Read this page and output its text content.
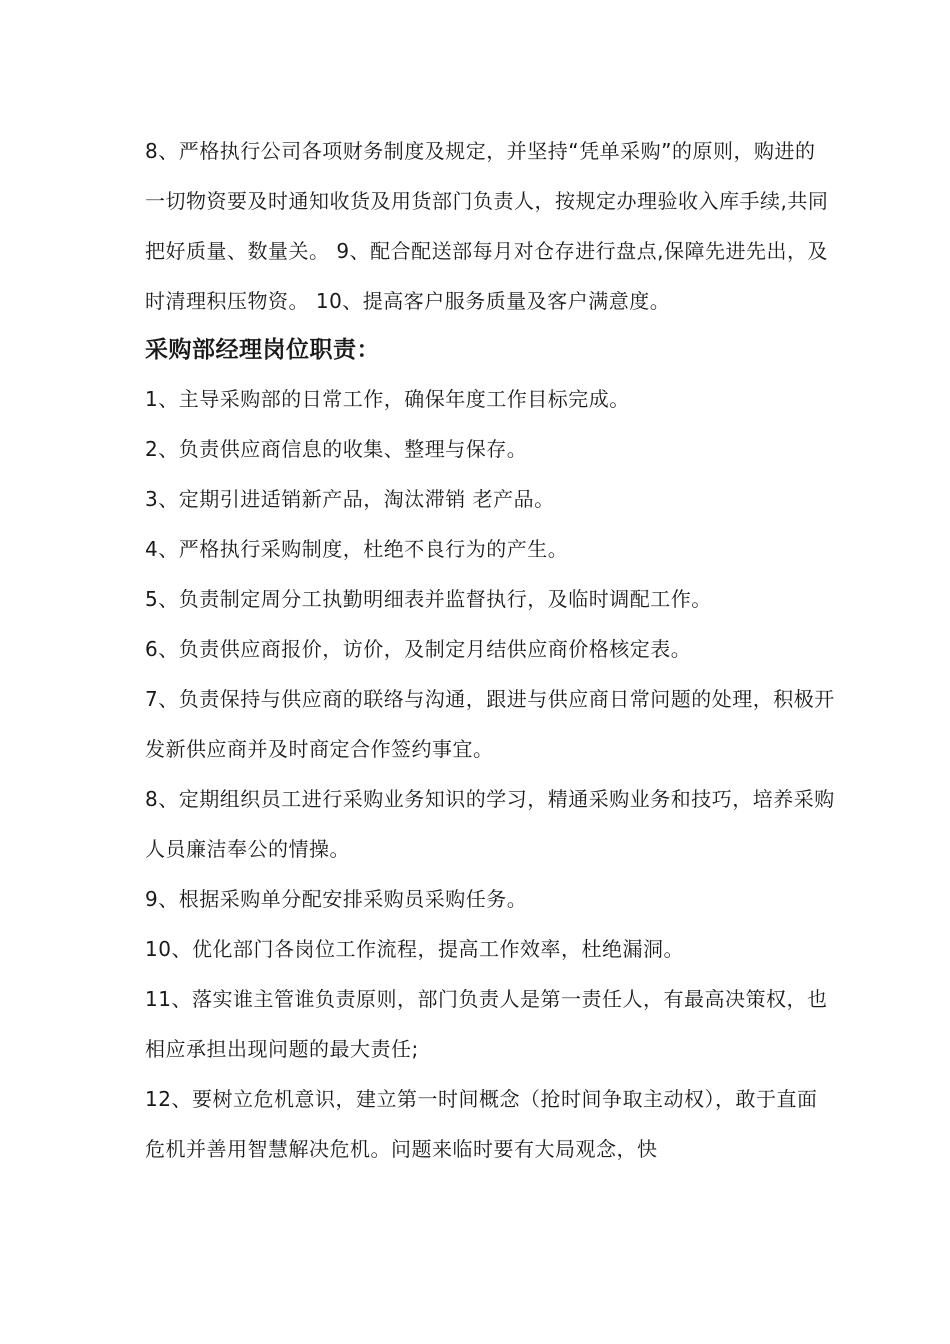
8、严格执行公司各项财务制度及规定，并坚持“凭单采购”的原则，购进的一切物资要及时通知收货及用货部门负责人，按规定办理验收入库手续,共同把好质量、数量关。 9、配合配送部每月对仓存进行盘点,保障先进先出，及时清理积压物资。 10、提高客户服务质量及客户满意度。

采购部经理岗位职责：

1、主导采购部的日常工作，确保年度工作目标完成。

2、负责供应商信息的收集、整理与保存。

3、定期引进适销新产品，淘汰滞销 老产品。

4、严格执行采购制度，杜绝不良行为的产生。

5、负责制定周分工执勤明细表并监督执行，及临时调配工作。

6、负责供应商报价，访价，及制定月结供应商价格核定表。

7、负责保持与供应商的联络与沟通，跟进与供应商日常问题的处理，积极开发新供应商并及时商定合作签约事宜。

8、定期组织员工进行采购业务知识的学习，精通采购业务和技巧，培养采购人员廉洁奉公的情操。

9、根据采购单分配安排采购员采购任务。

10、优化部门各岗位工作流程，提高工作效率，杜绝漏洞。

11、落实谁主管谁负责原则，部门负责人是第一责任人，有最高决策权，也相应承担出现问题的最大责任;

12、要树立危机意识，建立第一时间概念（抢时间争取主动权），敢于直面危机并善用智慧解决危机。问题来临时要有大局观念，快
